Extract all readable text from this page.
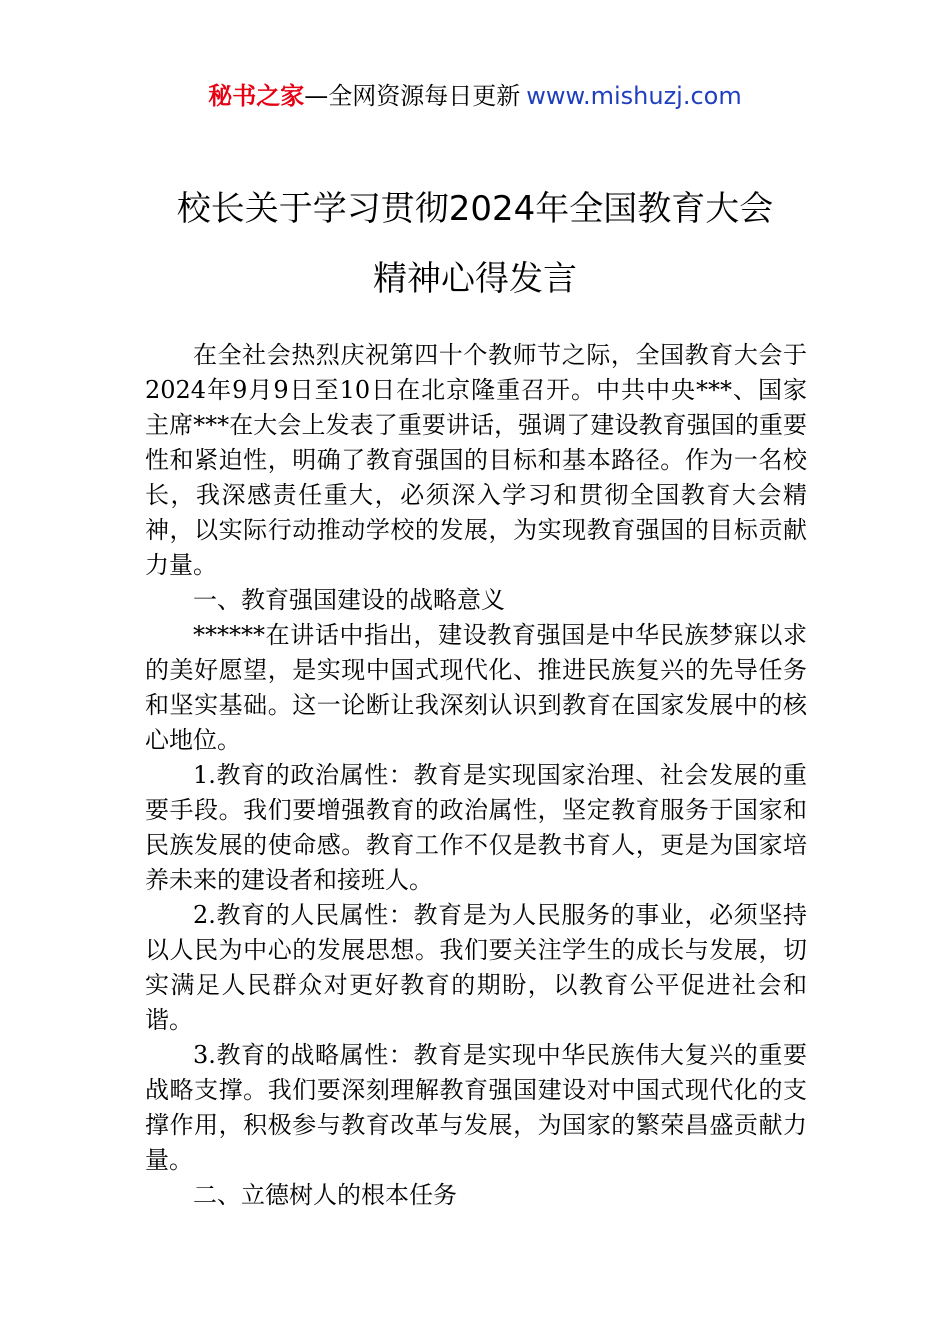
秘书之家—全网资源每日更新 www.mishuzj.com
校长关于学习贯彻2024年全国教育大会
精神心得发言

在全社会热烈庆祝第四十个教师节之际，全国教育大会于2024年9月9日至10日在北京隆重召开。中共中央***、国家主席***在大会上发表了重要讲话，强调了建设教育强国的重要性和紧迫性，明确了教育强国的目标和基本路径。作为一名校长，我深感责任重大，必须深入学习和贯彻全国教育大会精神，以实际行动推动学校的发展，为实现教育强国的目标贡献力量。

一、教育强国建设的战略意义

******在讲话中指出，建设教育强国是中华民族梦寐以求的美好愿望，是实现中国式现代化、推进民族复兴的先导任务和坚实基础。这一论断让我深刻认识到教育在国家发展中的核心地位。

1.教育的政治属性：教育是实现国家治理、社会发展的重要手段。我们要增强教育的政治属性，坚定教育服务于国家和民族发展的使命感。教育工作不仅是教书育人，更是为国家培养未来的建设者和接班人。

2.教育的人民属性：教育是为人民服务的事业，必须坚持以人民为中心的发展思想。我们要关注学生的成长与发展，切实满足人民群众对更好教育的期盼，以教育公平促进社会和谐。

3.教育的战略属性：教育是实现中华民族伟大复兴的重要战略支撑。我们要深刻理解教育强国建设对中国式现代化的支撑作用，积极参与教育改革与发展，为国家的繁荣昌盛贡献力量。

二、立德树人的根本任务
